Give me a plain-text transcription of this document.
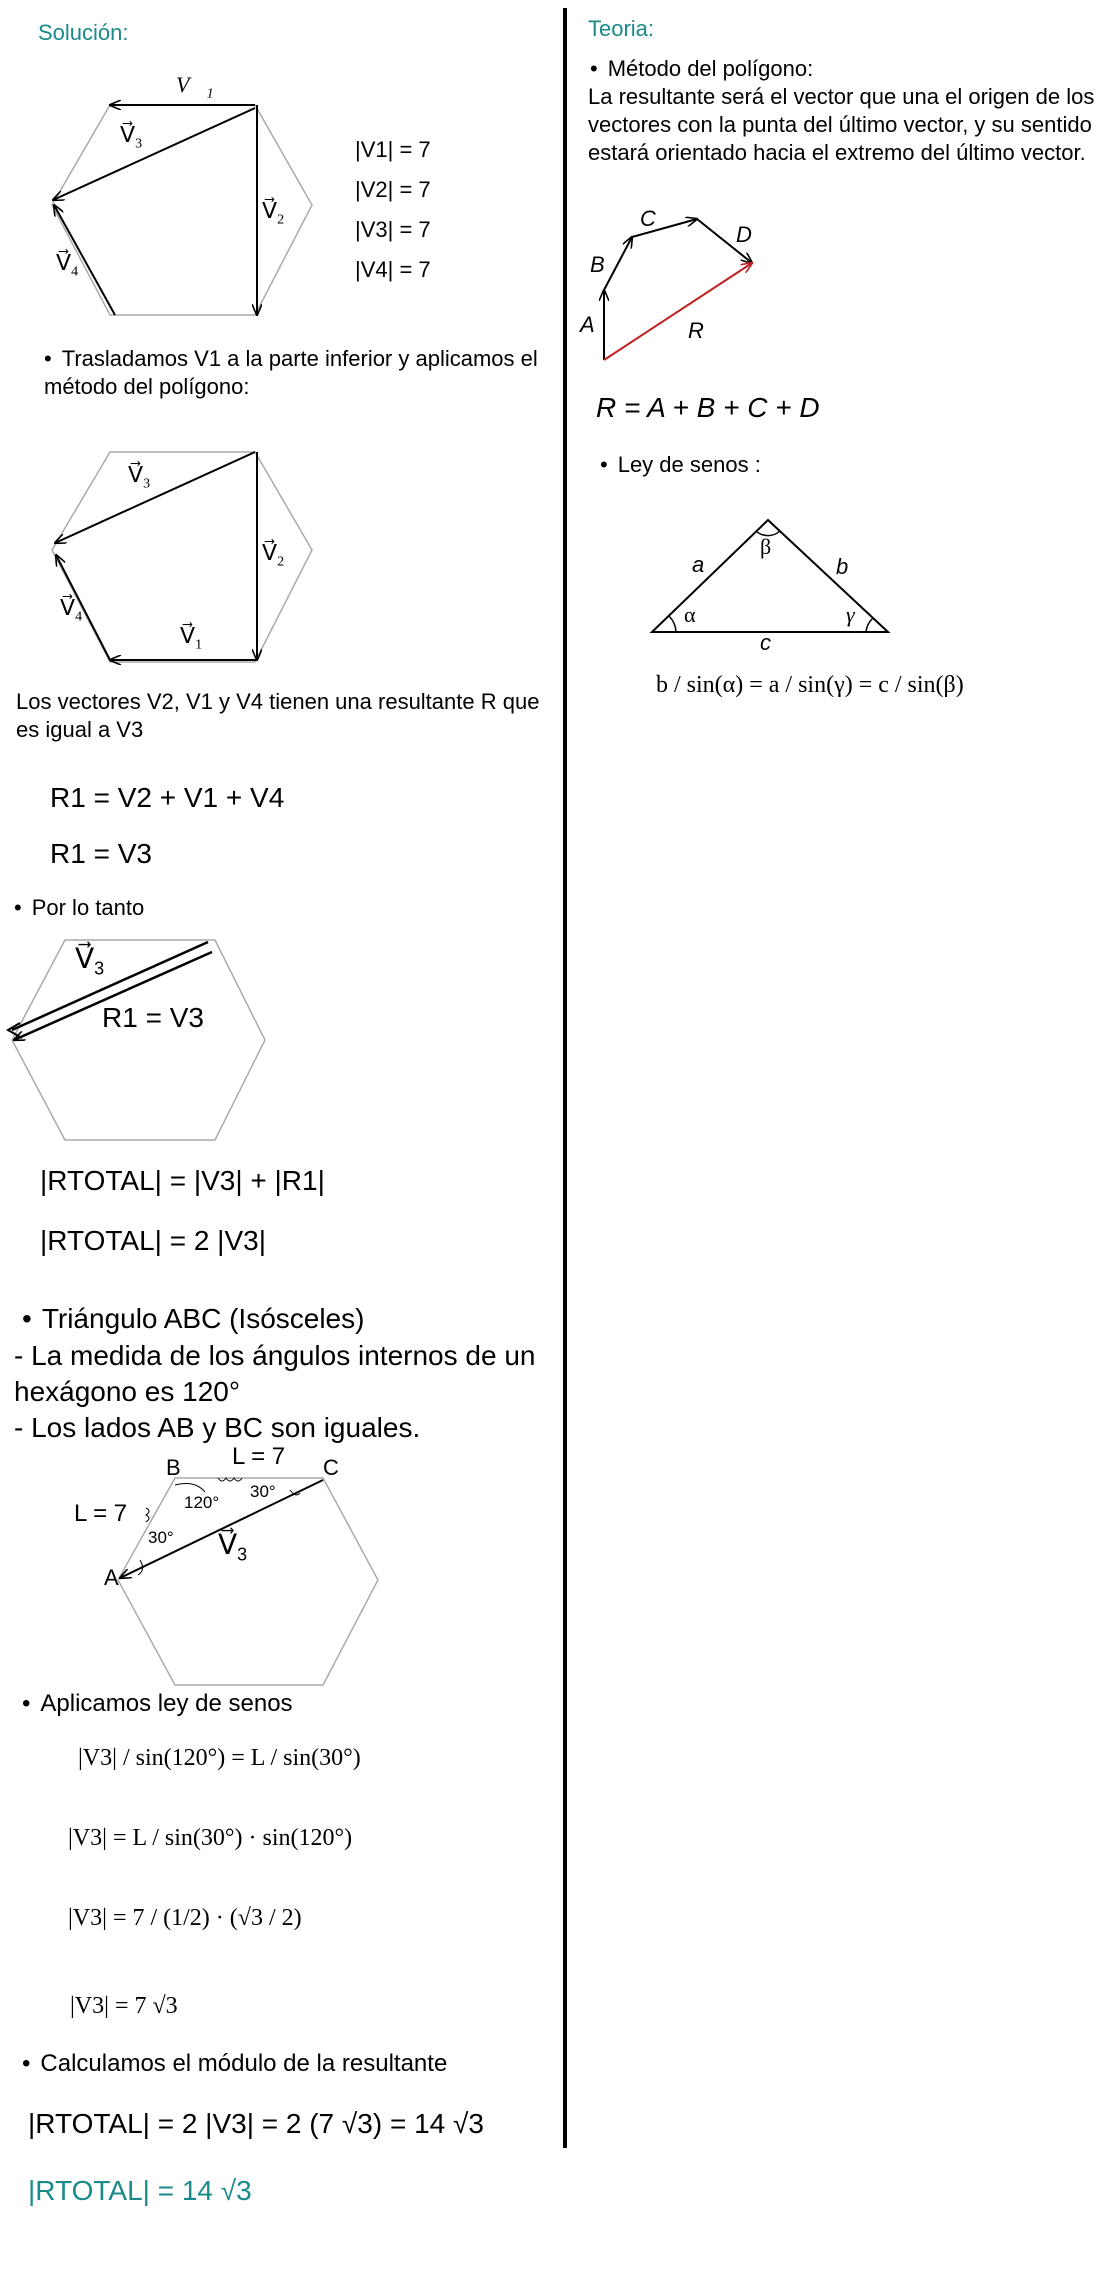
Solución:
$V⃗_1$
$V⃗_3$
$V⃗_2$
$V⃗_4$
|V1| = 7
|V2| = 7
|V3| = 7
|V4| = 7
• Trasladamos V1 a la parte inferior y aplicamos el método del polígono:
$V⃗_3$
$V⃗_2$
$V⃗_4$
$V⃗_1$
Los vectores V2, V1 y V4 tienen una resultante R que es igual a V3
R1 = V2 + V1 + V4
R1 = V3
• Por lo tanto
$V⃗_3$
R1 = V3
|RTOTAL| = |V3| + |R1|
|RTOTAL| = 2 |V3|
• Triángulo ABC (Isósceles)
- La medida de los ángulos internos de un hexágono es 120°
- Los lados AB y BC son iguales.
B	C
A
L = 7
L = 7	120°
30°
30° $V⃗_3$
• Aplicamos ley de senos
|V3| / sin(120°) = L / sin(30°)
|V3| = L / sin(30°) · sin(120°)
|V3| = 7 / (1/2) · (√3 / 2)
|V3| = 7 √3
• Calculamos el módulo de la resultante
|RTOTAL| = 2 |V3| = 2 (7 √3) = 14 √3
|RTOTAL| = 14 √3
Teoria:
• Método del polígono:
La resultante será el vector que una el origen de los vectores con la punta del último vector, y su sentido estará orientado hacia el extremo del último vector.
A
B
C
D
R
R = A + B + C + D
• Ley de senos :
a	b
c
α
β
γ
b / sin(α) = a / sin(γ) = c / sin(β)
